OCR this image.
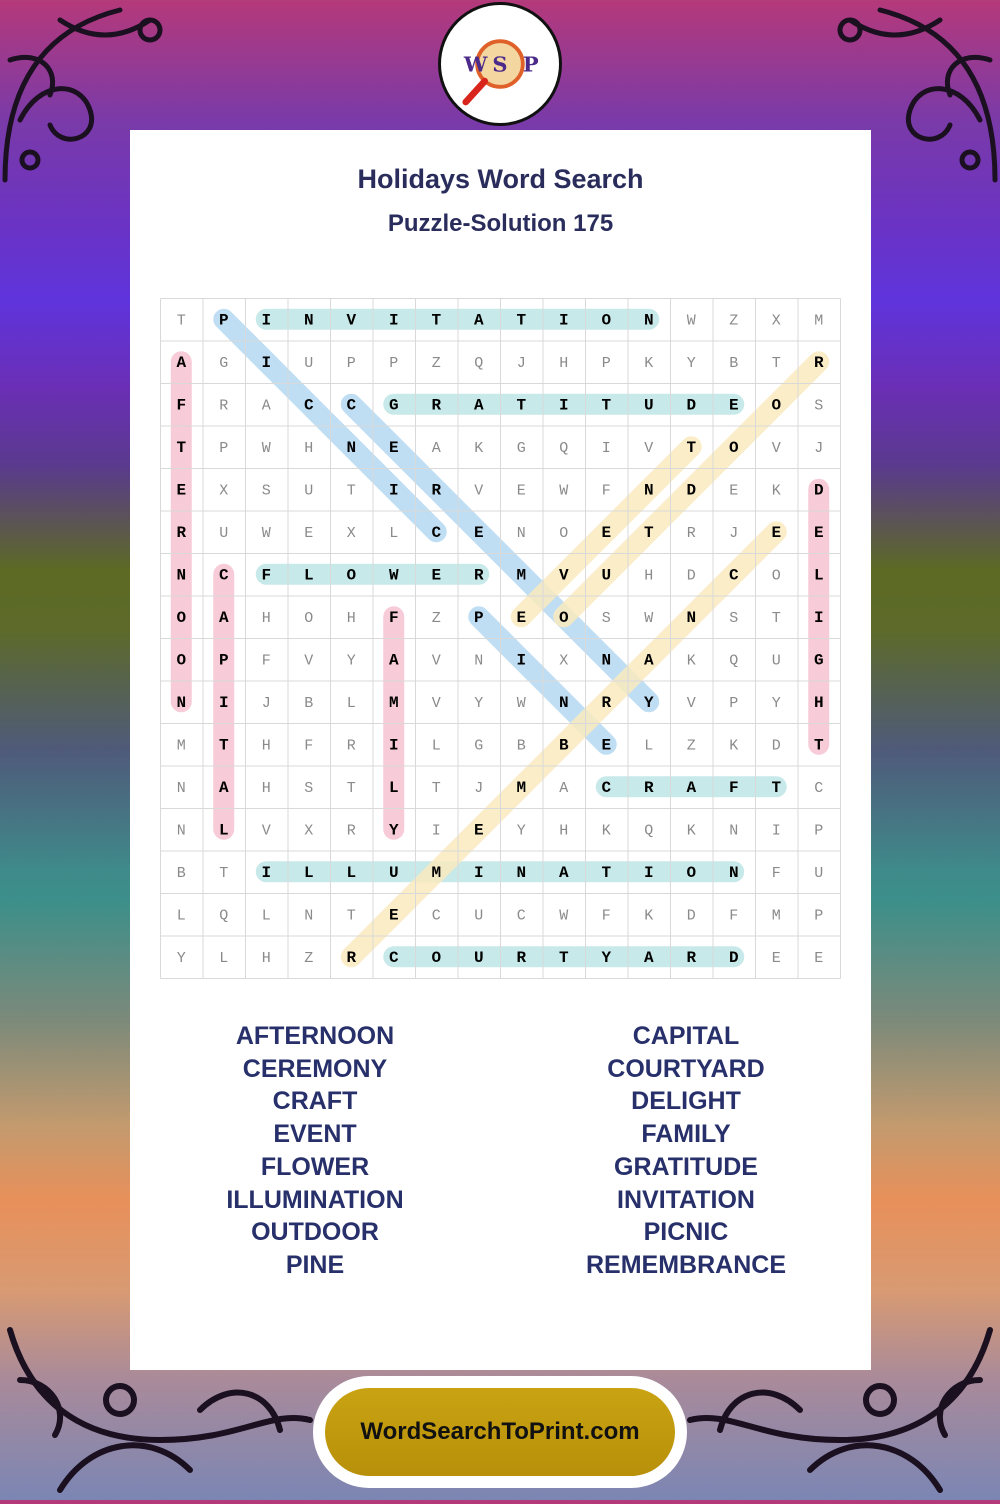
W S P
Holidays Word Search
Puzzle-Solution 175
T P I N V I T A T I O N W Z X M
A G I U P P Z Q J H P K Y B T R
F R A C C G R A T I T U D E O S
T P W H N E A K G Q I V T O V J
E X S U T I R V E W F N D E K D
R U W E X L C E N O E T R J E E
N C F L O W E R M V U H D C O L
O A H O H F Z P E O S W N S T I
O P F V Y A V N I X N A K Q U G
N I J B L M V Y W N R Y V P Y H
M T H F R I L G B B E L Z K D T
N A H S T L T J M A C R A F T C
N L V X R Y I E Y H K Q K N I P
B T I L L U M I N A T I O N F U
L Q L N T E C U C W F K D F M P
Y L H Z R C O U R T Y A R D E E
AFTERNOON
CEREMONY
CRAFT
EVENT
FLOWER
ILLUMINATION
OUTDOOR
PINE
CAPITAL
COURTYARD
DELIGHT
FAMILY
GRATITUDE
INVITATION
PICNIC
REMEMBRANCE
WordSearchToPrint.com
